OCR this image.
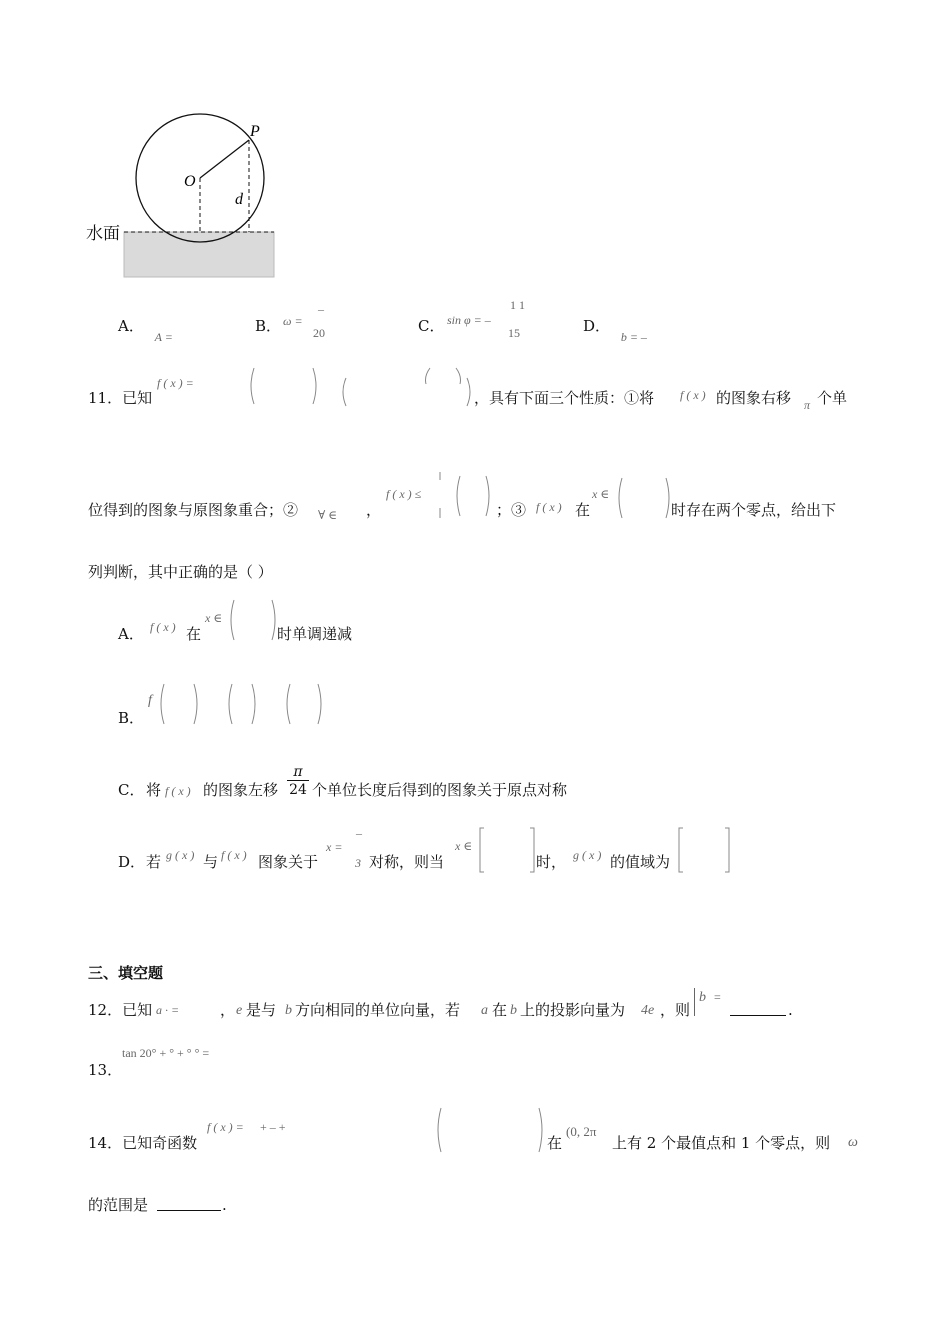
O
P
d
水面
A． $_{A =}$
B． ω =
–
20	C． sin φ = –
1 1
15	D． $_{b = -}$
11．已知
f ( x ) =
，具有下面三个性质：①将 f ( x ) 的图象右移 π 个单
位得到的图象与原图象重合；② ∀ ∈ ，
f ( x ) ≤
；③ f ( x ) 在
x ∈
时存在两个零点，给出下
列判断，其中正确的是（ ）
A． f ( x ) 在
x ∈
时单调递减
B．
f
C． 将 f ( x ) 的图象左移
π
24 个单位长度后得到的图象关于原点对称
D． 若 g ( x ) 与 f ( x ) 图象关于
x =
–
3 对称，则当
x ∈
时， g ( x ) 的值域为
三、填空题
12．已知 a · =	， e 是与 b 方向相同的单位向量，若 a 在 b 上的投影向量为 4e ，则
b =
.
13．
tan 20° + ° + ° ° =
14．已知奇函数
f ( x ) = + – +
在
(0, 2π
上有 2 个最值点和 1 个零点，则 ω
的范围是	.
